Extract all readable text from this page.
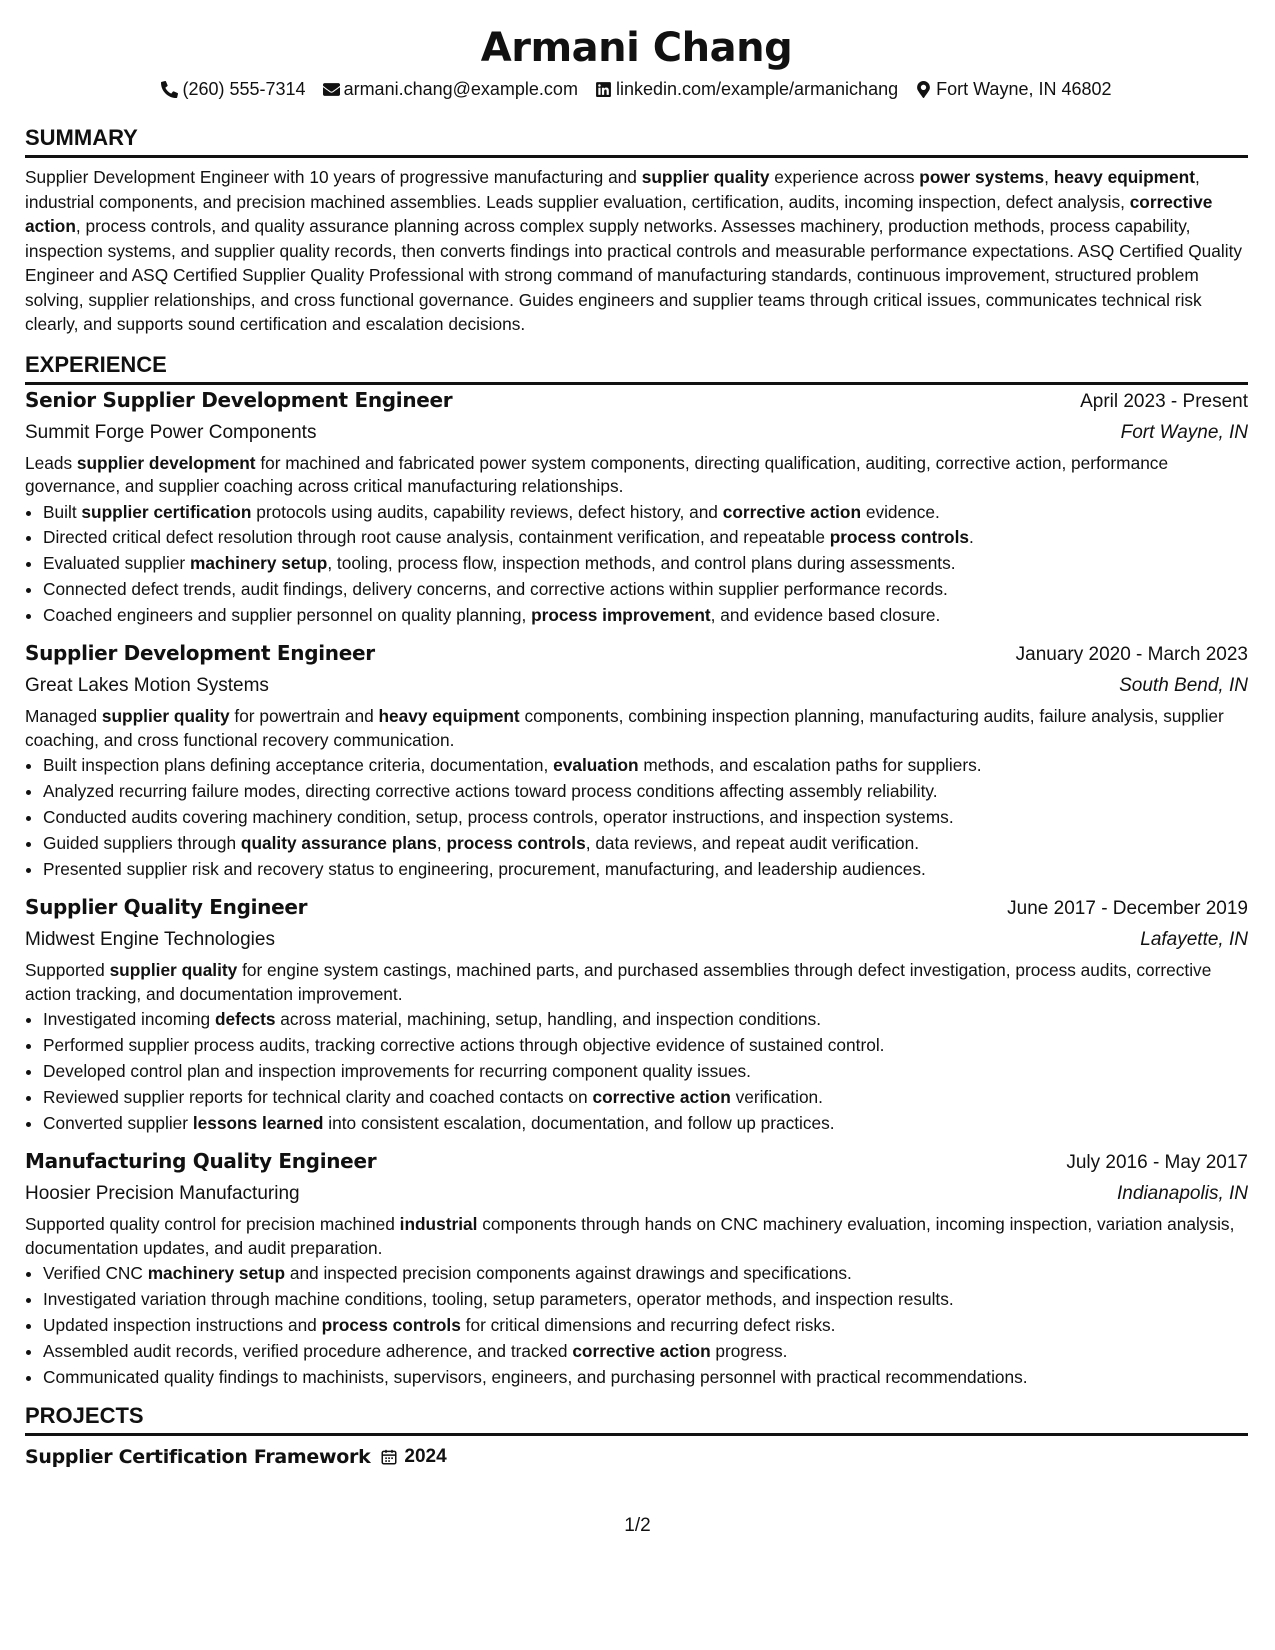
Armani Chang
(260) 555-7314 armani.chang@example.com linkedin.com/example/armanichang Fort Wayne, IN 46802
SUMMARY
Supplier Development Engineer with 10 years of progressive manufacturing and supplier quality experience across power systems, heavy equipment, industrial components, and precision machined assemblies. Leads supplier evaluation, certification, audits, incoming inspection, defect analysis, corrective action, process controls, and quality assurance planning across complex supply networks. Assesses machinery, production methods, process capability, inspection systems, and supplier quality records, then converts findings into practical controls and measurable performance expectations. ASQ Certified Quality Engineer and ASQ Certified Supplier Quality Professional with strong command of manufacturing standards, continuous improvement, structured problem solving, supplier relationships, and cross functional governance. Guides engineers and supplier teams through critical issues, communicates technical risk clearly, and supports sound certification and escalation decisions.
EXPERIENCE
Senior Supplier Development Engineer	April 2023 - Present
Summit Forge Power Components	Fort Wayne, IN
Leads supplier development for machined and fabricated power system components, directing qualification, auditing, corrective action, performance governance, and supplier coaching across critical manufacturing relationships.
• Built supplier certification protocols using audits, capability reviews, defect history, and corrective action evidence.
• Directed critical defect resolution through root cause analysis, containment verification, and repeatable process controls.
• Evaluated supplier machinery setup, tooling, process flow, inspection methods, and control plans during assessments.
• Connected defect trends, audit findings, delivery concerns, and corrective actions within supplier performance records.
• Coached engineers and supplier personnel on quality planning, process improvement, and evidence based closure.
Supplier Development Engineer	January 2020 - March 2023
Great Lakes Motion Systems	South Bend, IN
Managed supplier quality for powertrain and heavy equipment components, combining inspection planning, manufacturing audits, failure analysis, supplier coaching, and cross functional recovery communication.
• Built inspection plans defining acceptance criteria, documentation, evaluation methods, and escalation paths for suppliers.
• Analyzed recurring failure modes, directing corrective actions toward process conditions affecting assembly reliability.
• Conducted audits covering machinery condition, setup, process controls, operator instructions, and inspection systems.
• Guided suppliers through quality assurance plans, process controls, data reviews, and repeat audit verification.
• Presented supplier risk and recovery status to engineering, procurement, manufacturing, and leadership audiences.
Supplier Quality Engineer	June 2017 - December 2019
Midwest Engine Technologies	Lafayette, IN
Supported supplier quality for engine system castings, machined parts, and purchased assemblies through defect investigation, process audits, corrective action tracking, and documentation improvement.
• Investigated incoming defects across material, machining, setup, handling, and inspection conditions.
• Performed supplier process audits, tracking corrective actions through objective evidence of sustained control.
• Developed control plan and inspection improvements for recurring component quality issues.
• Reviewed supplier reports for technical clarity and coached contacts on corrective action verification.
• Converted supplier lessons learned into consistent escalation, documentation, and follow up practices.
Manufacturing Quality Engineer	July 2016 - May 2017
Hoosier Precision Manufacturing	Indianapolis, IN
Supported quality control for precision machined industrial components through hands on CNC machinery evaluation, incoming inspection, variation analysis, documentation updates, and audit preparation.
• Verified CNC machinery setup and inspected precision components against drawings and specifications.
• Investigated variation through machine conditions, tooling, setup parameters, operator methods, and inspection results.
• Updated inspection instructions and process controls for critical dimensions and recurring defect risks.
• Assembled audit records, verified procedure adherence, and tracked corrective action progress.
• Communicated quality findings to machinists, supervisors, engineers, and purchasing personnel with practical recommendations.
PROJECTS
Supplier Certification Framework 2024
1/2
